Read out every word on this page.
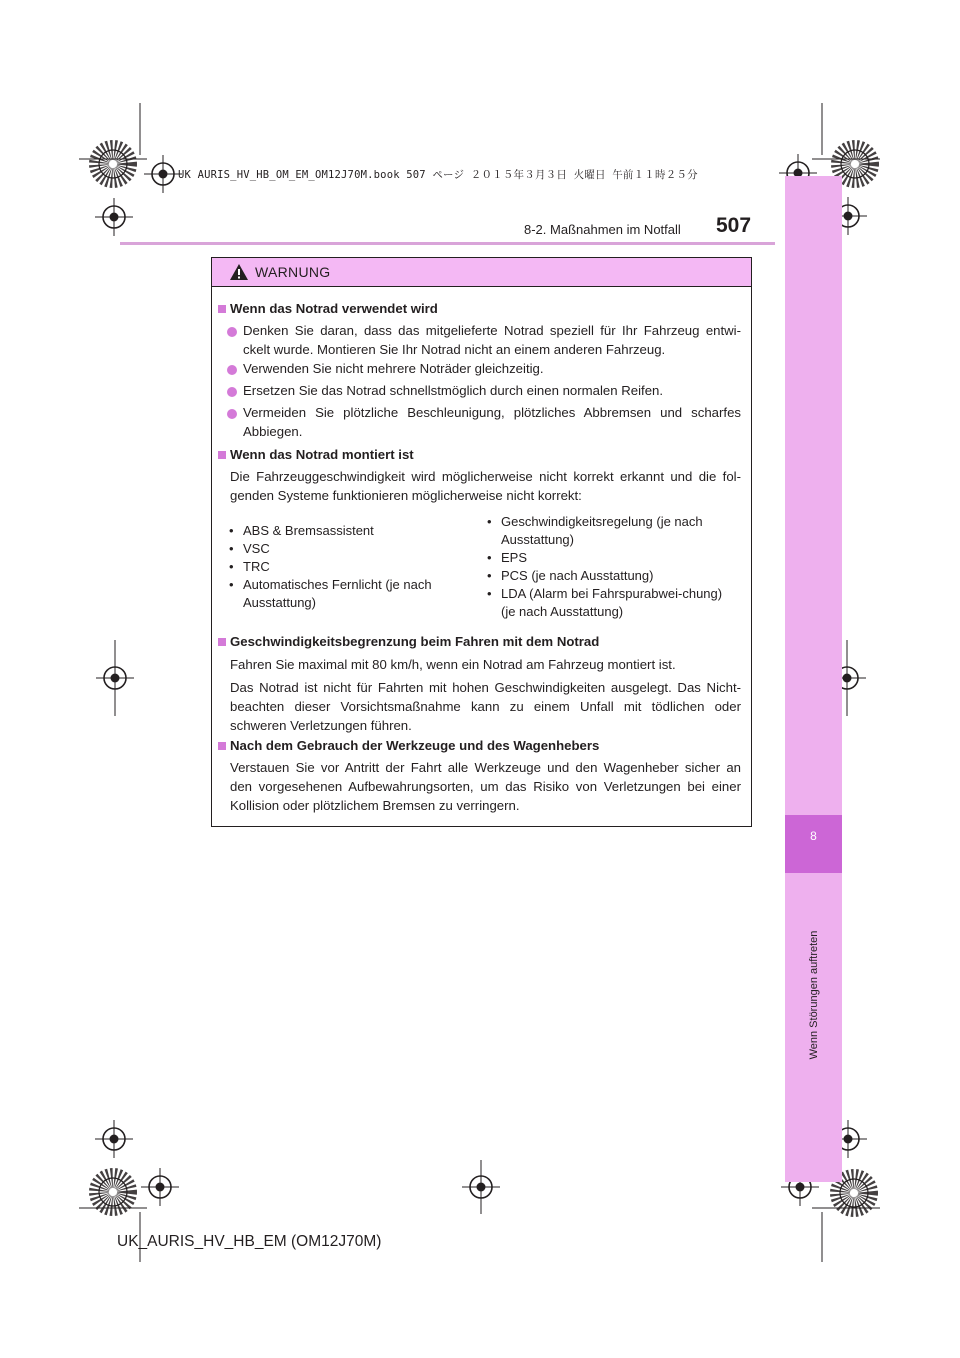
UK AURIS_HV_HB_OM_EM_OM12J70M.book 507 ページ ２０１５年３月３日 火曜日 午前１１時２５分
8-2. Maßnahmen im Notfall 507
8
Wenn Störungen auftreten
WARNUNG
Wenn das Notrad verwendet wird
Denken Sie daran, dass das mitgelieferte Notrad speziell für Ihr Fahrzeug entwi-
ckelt wurde. Montieren Sie Ihr Notrad nicht an einem anderen Fahrzeug.
Verwenden Sie nicht mehrere Noträder gleichzeitig.
Ersetzen Sie das Notrad schnellstmöglich durch einen normalen Reifen.
Vermeiden Sie plötzliche Beschleunigung, plötzliches Abbremsen und scharfes
Abbiegen.
Wenn das Notrad montiert ist
Die Fahrzeuggeschwindigkeit wird möglicherweise nicht korrekt erkannt und die fol-
genden Systeme funktionieren möglicherweise nicht korrekt:
• ABS & Bremsassistent
• VSC
• TRC
• Automatisches Fernlicht (je nach Ausstattung)
• Geschwindigkeitsregelung (je nach Ausstattung)
• EPS
• PCS (je nach Ausstattung)
• LDA (Alarm bei Fahrspurabwei-chung) (je nach Ausstattung)
Geschwindigkeitsbegrenzung beim Fahren mit dem Notrad
Fahren Sie maximal mit 80 km/h, wenn ein Notrad am Fahrzeug montiert ist.
Das Notrad ist nicht für Fahrten mit hohen Geschwindigkeiten ausgelegt. Das Nicht-
beachten dieser Vorsichtsmaßnahme kann zu einem Unfall mit tödlichen oder
schweren Verletzungen führen.
Nach dem Gebrauch der Werkzeuge und des Wagenhebers
Verstauen Sie vor Antritt der Fahrt alle Werkzeuge und den Wagenheber sicher an
den vorgesehenen Aufbewahrungsorten, um das Risiko von Verletzungen bei einer
Kollision oder plötzlichem Bremsen zu verringern.
UK_AURIS_HV_HB_EM (OM12J70M)
